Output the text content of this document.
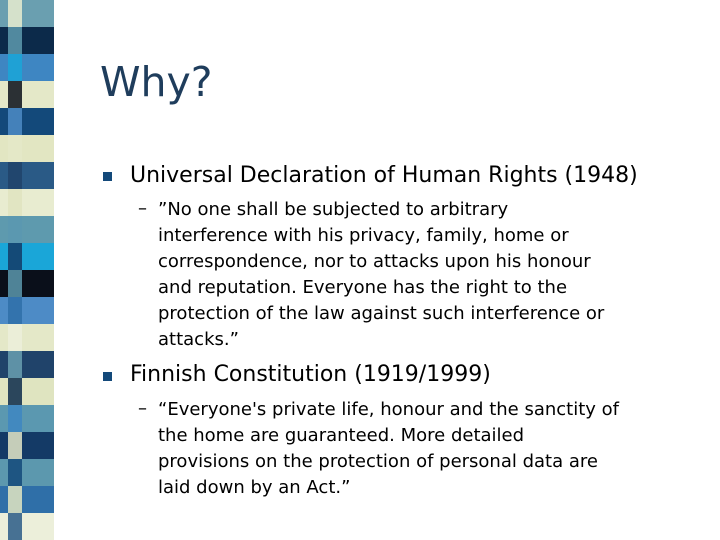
Why?
Universal Declaration of Human Rights (1948)
– ”No one shall be subjected to arbitrary
interference with his privacy, family, home or
correspondence, nor to attacks upon his honour
and reputation. Everyone has the right to the
protection of the law against such interference or
attacks.”
Finnish Constitution (1919/1999)
– “Everyone's private life, honour and the sanctity of
the home are guaranteed. More detailed
provisions on the protection of personal data are
laid down by an Act.”
